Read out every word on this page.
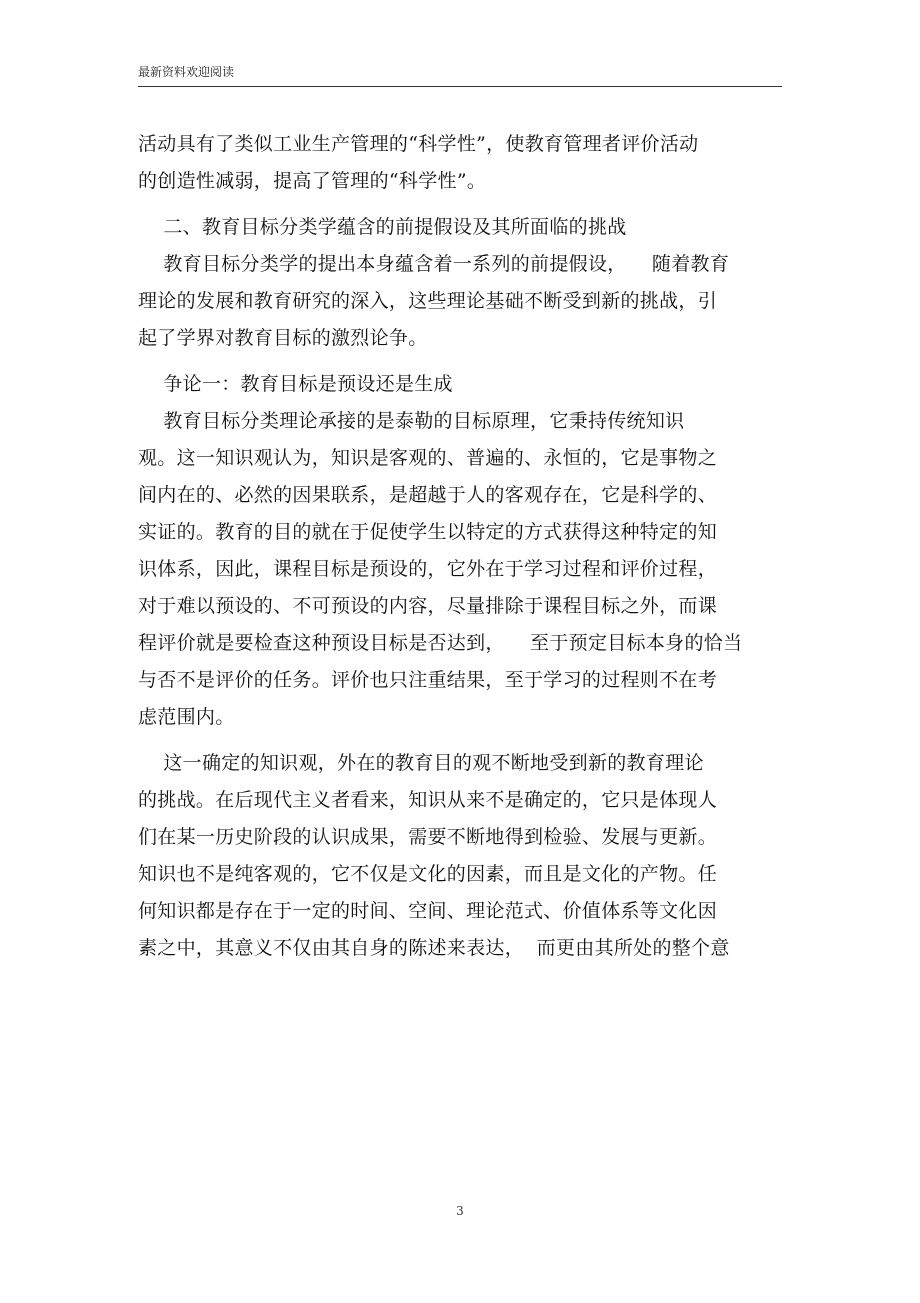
最新资料欢迎阅读
活动具有了类似工业生产管理的“科学性”，使教育管理者评价活动
的创造性减弱，提高了管理的“科学性”。
二、教育目标分类学蕴含的前提假设及其所面临的挑战
教育目标分类学的提出本身蕴含着一系列的前提假设，    随着教育
理论的发展和教育研究的深入，这些理论基础不断受到新的挑战，引
起了学界对教育目标的激烈论争。
争论一：教育目标是预设还是生成
教育目标分类理论承接的是泰勒的目标原理，它秉持传统知识
观。这一知识观认为，知识是客观的、普遍的、永恒的，它是事物之
间内在的、必然的因果联系，是超越于人的客观存在，它是科学的、
实证的。教育的目的就在于促使学生以特定的方式获得这种特定的知
识体系，因此，课程目标是预设的，它外在于学习过程和评价过程，
对于难以预设的、不可预设的内容，尽量排除于课程目标之外，而课
程评价就是要检查这种预设目标是否达到，    至于预定目标本身的恰当
与否不是评价的任务。评价也只注重结果，至于学习的过程则不在考
虑范围内。
这一确定的知识观，外在的教育目的观不断地受到新的教育理论
的挑战。在后现代主义者看来，知识从来不是确定的，它只是体现人
们在某一历史阶段的认识成果，需要不断地得到检验、发展与更新。
知识也不是纯客观的，它不仅是文化的因素，而且是文化的产物。任
何知识都是存在于一定的时间、空间、理论范式、价值体系等文化因
素之中，其意义不仅由其自身的陈述来表达，  而更由其所处的整个意
3
